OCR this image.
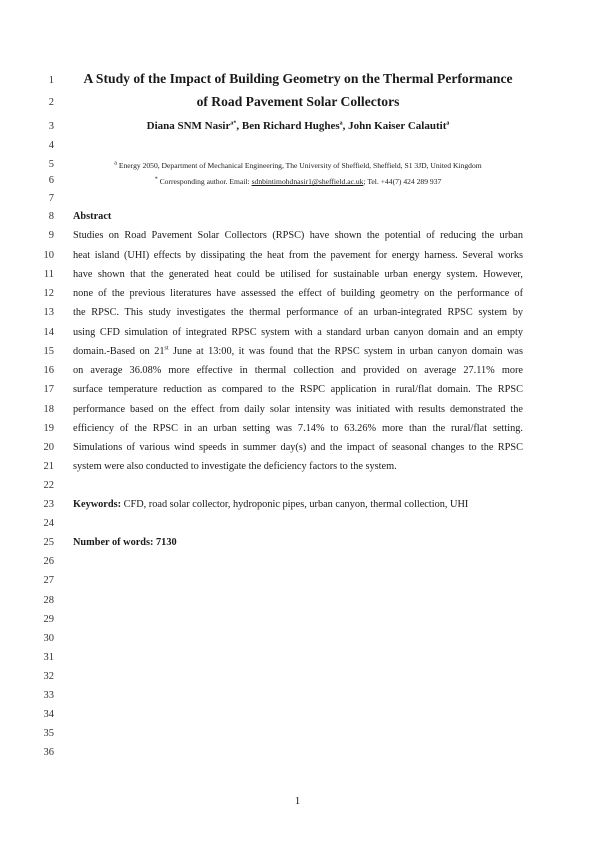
1
2
3
4
5
6
7
8
9
10
11
12
13
14
15
16
17
18
19
20
21
22
23
24
25
26
27
28
29
30
31
32
33
34
35
36
A Study of the Impact of Building Geometry on the Thermal Performance
of Road Pavement Solar Collectors
Diana SNM Nasir$^{a*}$, Ben Richard Hughes$^a$, John Kaiser Calautit$^a$
$^a$ Energy 2050, Department of Mechanical Engineering, The University of Sheffield, Sheffield, S1 3JD, United Kingdom
* Corresponding author. Email: sdnbintimohdnasir1@sheffield.ac.uk; Tel. +44(7) 424 289 937
Abstract
Studies on Road Pavement Solar Collectors (RPSC) have shown the potential of reducing the urban
heat island (UHI) effects by dissipating the heat from the pavement for energy harness. Several works
have shown that the generated heat could be utilised for sustainable urban energy system. However,
none of the previous literatures have assessed the effect of building geometry on the performance of
the RPSC. This study investigates the thermal performance of an urban-integrated RPSC system by
using CFD simulation of integrated RPSC system with a standard urban canyon domain and an empty
domain.-Based on 21st June at 13:00, it was found that the RPSC system in urban canyon domain was
on average 36.08% more effective in thermal collection and provided on average 27.11% more
surface temperature reduction as compared to the RSPC application in rural/flat domain. The RPSC
performance based on the effect from daily solar intensity was initiated with results demonstrated the
efficiency of the RPSC in an urban setting was 7.14% to 63.26% more than the rural/flat setting.
Simulations of various wind speeds in summer day(s) and the impact of seasonal changes to the RPSC
system were also conducted to investigate the deficiency factors to the system.
Keywords: CFD, road solar collector, hydroponic pipes, urban canyon, thermal collection, UHI
Number of words: 7130
1
